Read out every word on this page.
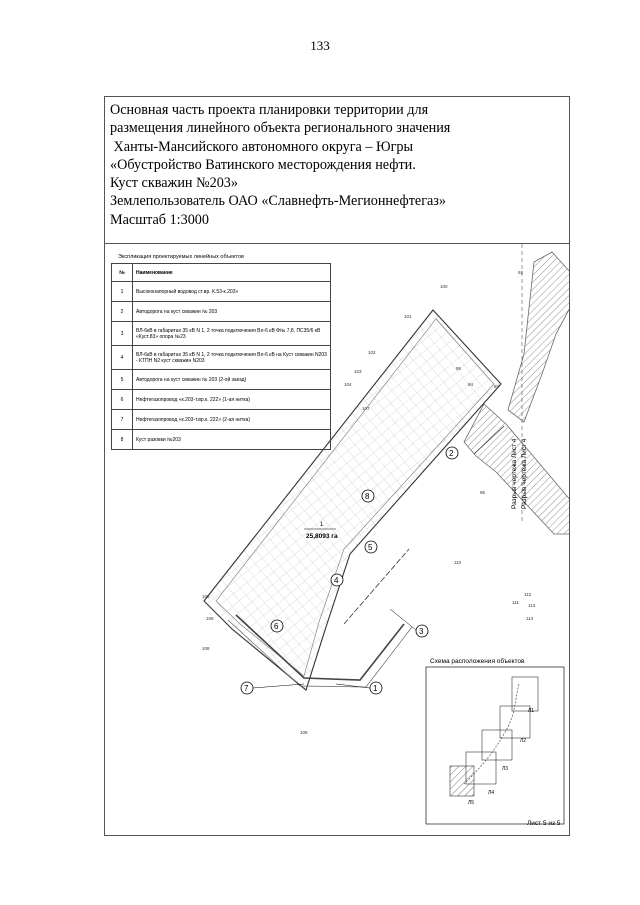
133
Основная часть проекта планировки территории для
размещения линейного объекта регионального значения
Ханты-Мансийского автономного округа – Югры
«Обустройство Ватинского месторождения нефти.
Куст скважин №203»
Землепользователь ОАО «Славнефть-Мегионнефтегаз»
Масштаб 1:3000
1
25,8093 га
2
8
5
4
6
3
7	1
Разрыв чертежа Лист 4 Разрыв чертежа Лист 4
100
101
102
103
104
105
106
107
108
109
110
111
112
113
114
92
93
94
95
96
Л1
Л2
Л3
Л4
Л5
Экспликация проектируемых линейных объектов
№	Наименование
1	Высоконапорный водовод ст.вр. К.53-к.203»
2	Автодорога на куст скважин № 203
3	ВЛ-6кВ в габаритах 35 кВ N 1, 2 точка подключения Вл-6 кВ Ф№ 7,8. ПС35/6 кВ «Куст.83» опора №23
4	ВЛ-6кВ в габаритах 35 кВ N 1, 2 точка подключения Вл-6 кВ на Куст скважин N203 - КТПН N2 куст скважин N203
5	Автодорога на куст скважин № 203 (2-ой заезд)
6	Нефтегазопровод «к.203-т.вр.к. 222» (1-ая нитка)
7	Нефтегазопровод «к.203-т.вр.к. 222» (2-ая нитка)
8	Куст разовки №203
Схема расположения объектов
Лист 5 из 5
